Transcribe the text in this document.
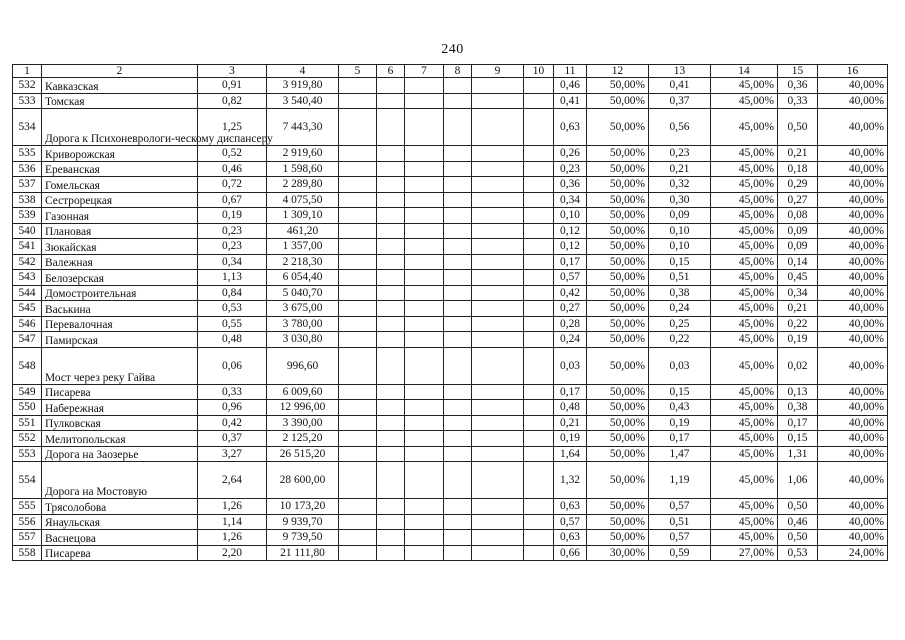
240
1	2	3	4	5	6	7	8	9	10	11	12	13	14	15	16
532	Кавказская	0,91	3 919,80							0,46	50,00%	0,41	45,00%	0,36	40,00%
533	Томская	0,82	3 540,40							0,41	50,00%	0,37	45,00%	0,33	40,00%
534	Дорога к Психоневрологи-ческому диспансеру	1,25	7 443,30							0,63	50,00%	0,56	45,00%	0,50	40,00%
535	Криворожская	0,52	2 919,60							0,26	50,00%	0,23	45,00%	0,21	40,00%
536	Ереванская	0,46	1 598,60							0,23	50,00%	0,21	45,00%	0,18	40,00%
537	Гомельская	0,72	2 289,80							0,36	50,00%	0,32	45,00%	0,29	40,00%
538	Сестрорецкая	0,67	4 075,50							0,34	50,00%	0,30	45,00%	0,27	40,00%
539	Газонная	0,19	1 309,10							0,10	50,00%	0,09	45,00%	0,08	40,00%
540	Плановая	0,23	461,20							0,12	50,00%	0,10	45,00%	0,09	40,00%
541	Зюкайская	0,23	1 357,00							0,12	50,00%	0,10	45,00%	0,09	40,00%
542	Валежная	0,34	2 218,30							0,17	50,00%	0,15	45,00%	0,14	40,00%
543	Белозерская	1,13	6 054,40							0,57	50,00%	0,51	45,00%	0,45	40,00%
544	Домостроительная	0,84	5 040,70							0,42	50,00%	0,38	45,00%	0,34	40,00%
545	Васькина	0,53	3 675,00							0,27	50,00%	0,24	45,00%	0,21	40,00%
546	Перевалочная	0,55	3 780,00							0,28	50,00%	0,25	45,00%	0,22	40,00%
547	Памирская	0,48	3 030,80							0,24	50,00%	0,22	45,00%	0,19	40,00%
548	Мост через реку Гайва	0,06	996,60							0,03	50,00%	0,03	45,00%	0,02	40,00%
549	Писарева	0,33	6 009,60							0,17	50,00%	0,15	45,00%	0,13	40,00%
550	Набережная	0,96	12 996,00							0,48	50,00%	0,43	45,00%	0,38	40,00%
551	Пулковская	0,42	3 390,00							0,21	50,00%	0,19	45,00%	0,17	40,00%
552	Мелитопольская	0,37	2 125,20							0,19	50,00%	0,17	45,00%	0,15	40,00%
553	Дорога на Заозерье	3,27	26 515,20							1,64	50,00%	1,47	45,00%	1,31	40,00%
554	Дорога на Мостовую	2,64	28 600,00							1,32	50,00%	1,19	45,00%	1,06	40,00%
555	Трясолобова	1,26	10 173,20							0,63	50,00%	0,57	45,00%	0,50	40,00%
556	Янаульская	1,14	9 939,70							0,57	50,00%	0,51	45,00%	0,46	40,00%
557	Васнецова	1,26	9 739,50							0,63	50,00%	0,57	45,00%	0,50	40,00%
558	Писарева	2,20	21 111,80							0,66	30,00%	0,59	27,00%	0,53	24,00%
